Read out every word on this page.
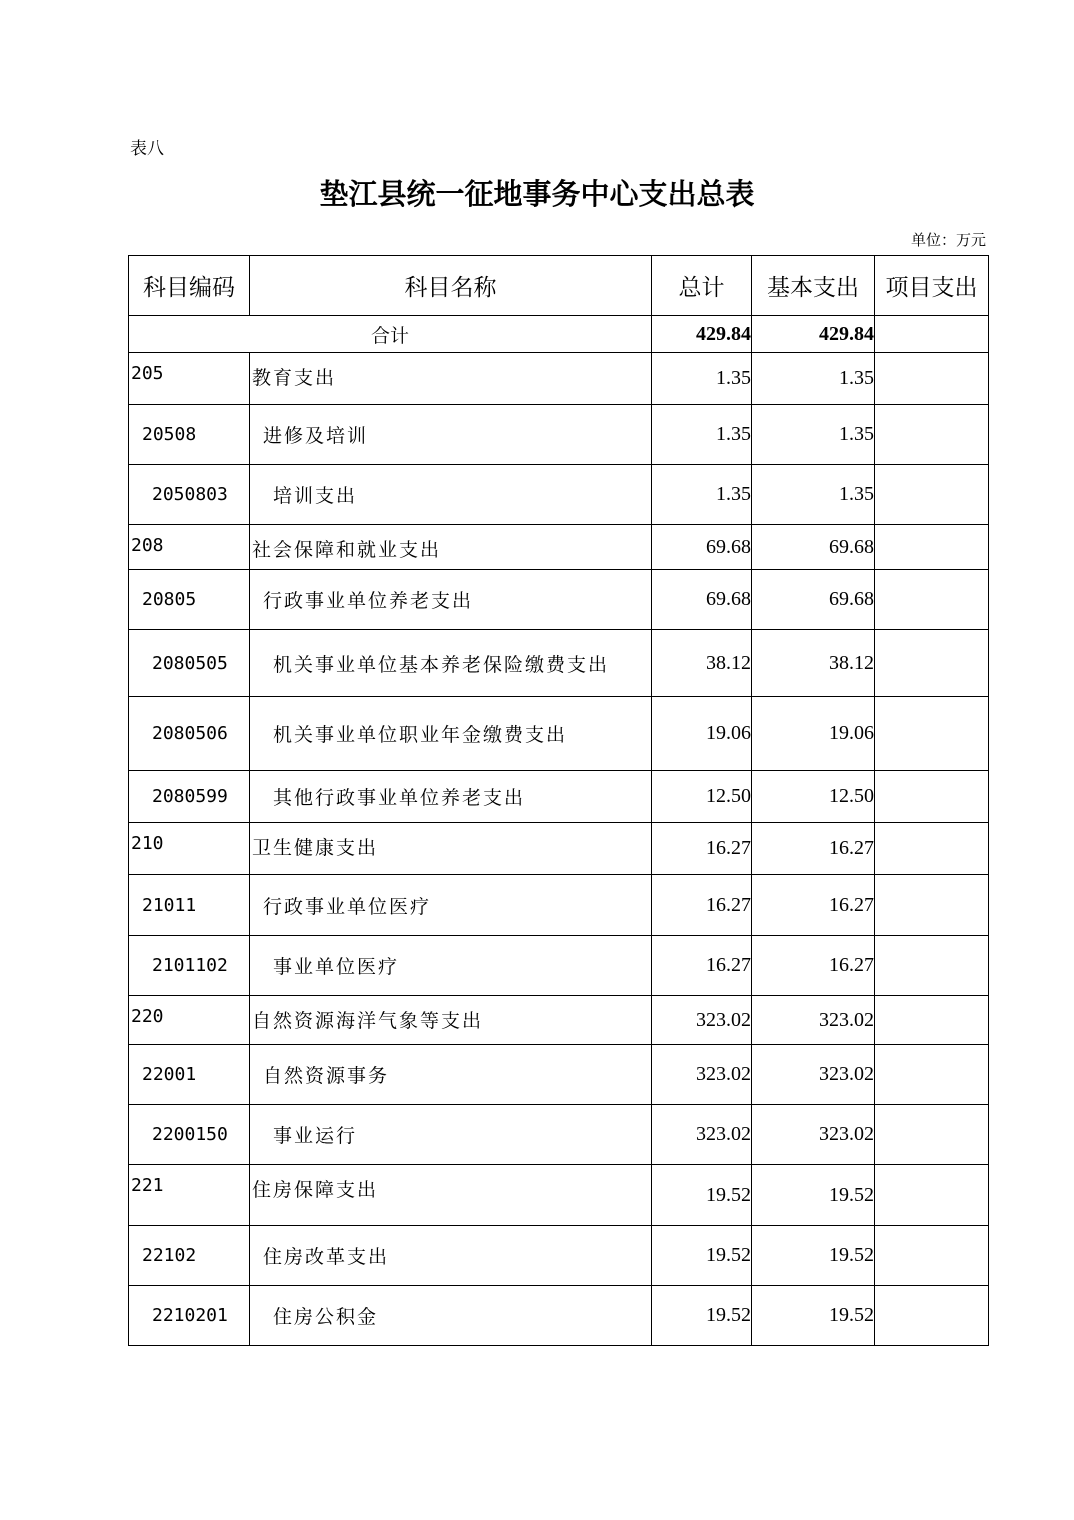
表八
垫江县统一征地事务中心支出总表
单位：万元
科目编码	科目名称	总计	基本支出	项目支出
合计		429.84	429.84	
205	教育支出	1.35	1.35	
20508	进修及培训	1.35	1.35	
2050803	培训支出	1.35	1.35	
208	社会保障和就业支出	69.68	69.68	
20805	行政事业单位养老支出	69.68	69.68	
2080505	机关事业单位基本养老保险缴费支出	38.12	38.12	
2080506	机关事业单位职业年金缴费支出	19.06	19.06	
2080599	其他行政事业单位养老支出	12.50	12.50	
210	卫生健康支出	16.27	16.27	
21011	行政事业单位医疗	16.27	16.27	
2101102	事业单位医疗	16.27	16.27	
220	自然资源海洋气象等支出	323.02	323.02	
22001	自然资源事务	323.02	323.02	
2200150	事业运行	323.02	323.02	
221	住房保障支出	19.52	19.52	
22102	住房改革支出	19.52	19.52	
2210201	住房公积金	19.52	19.52	
